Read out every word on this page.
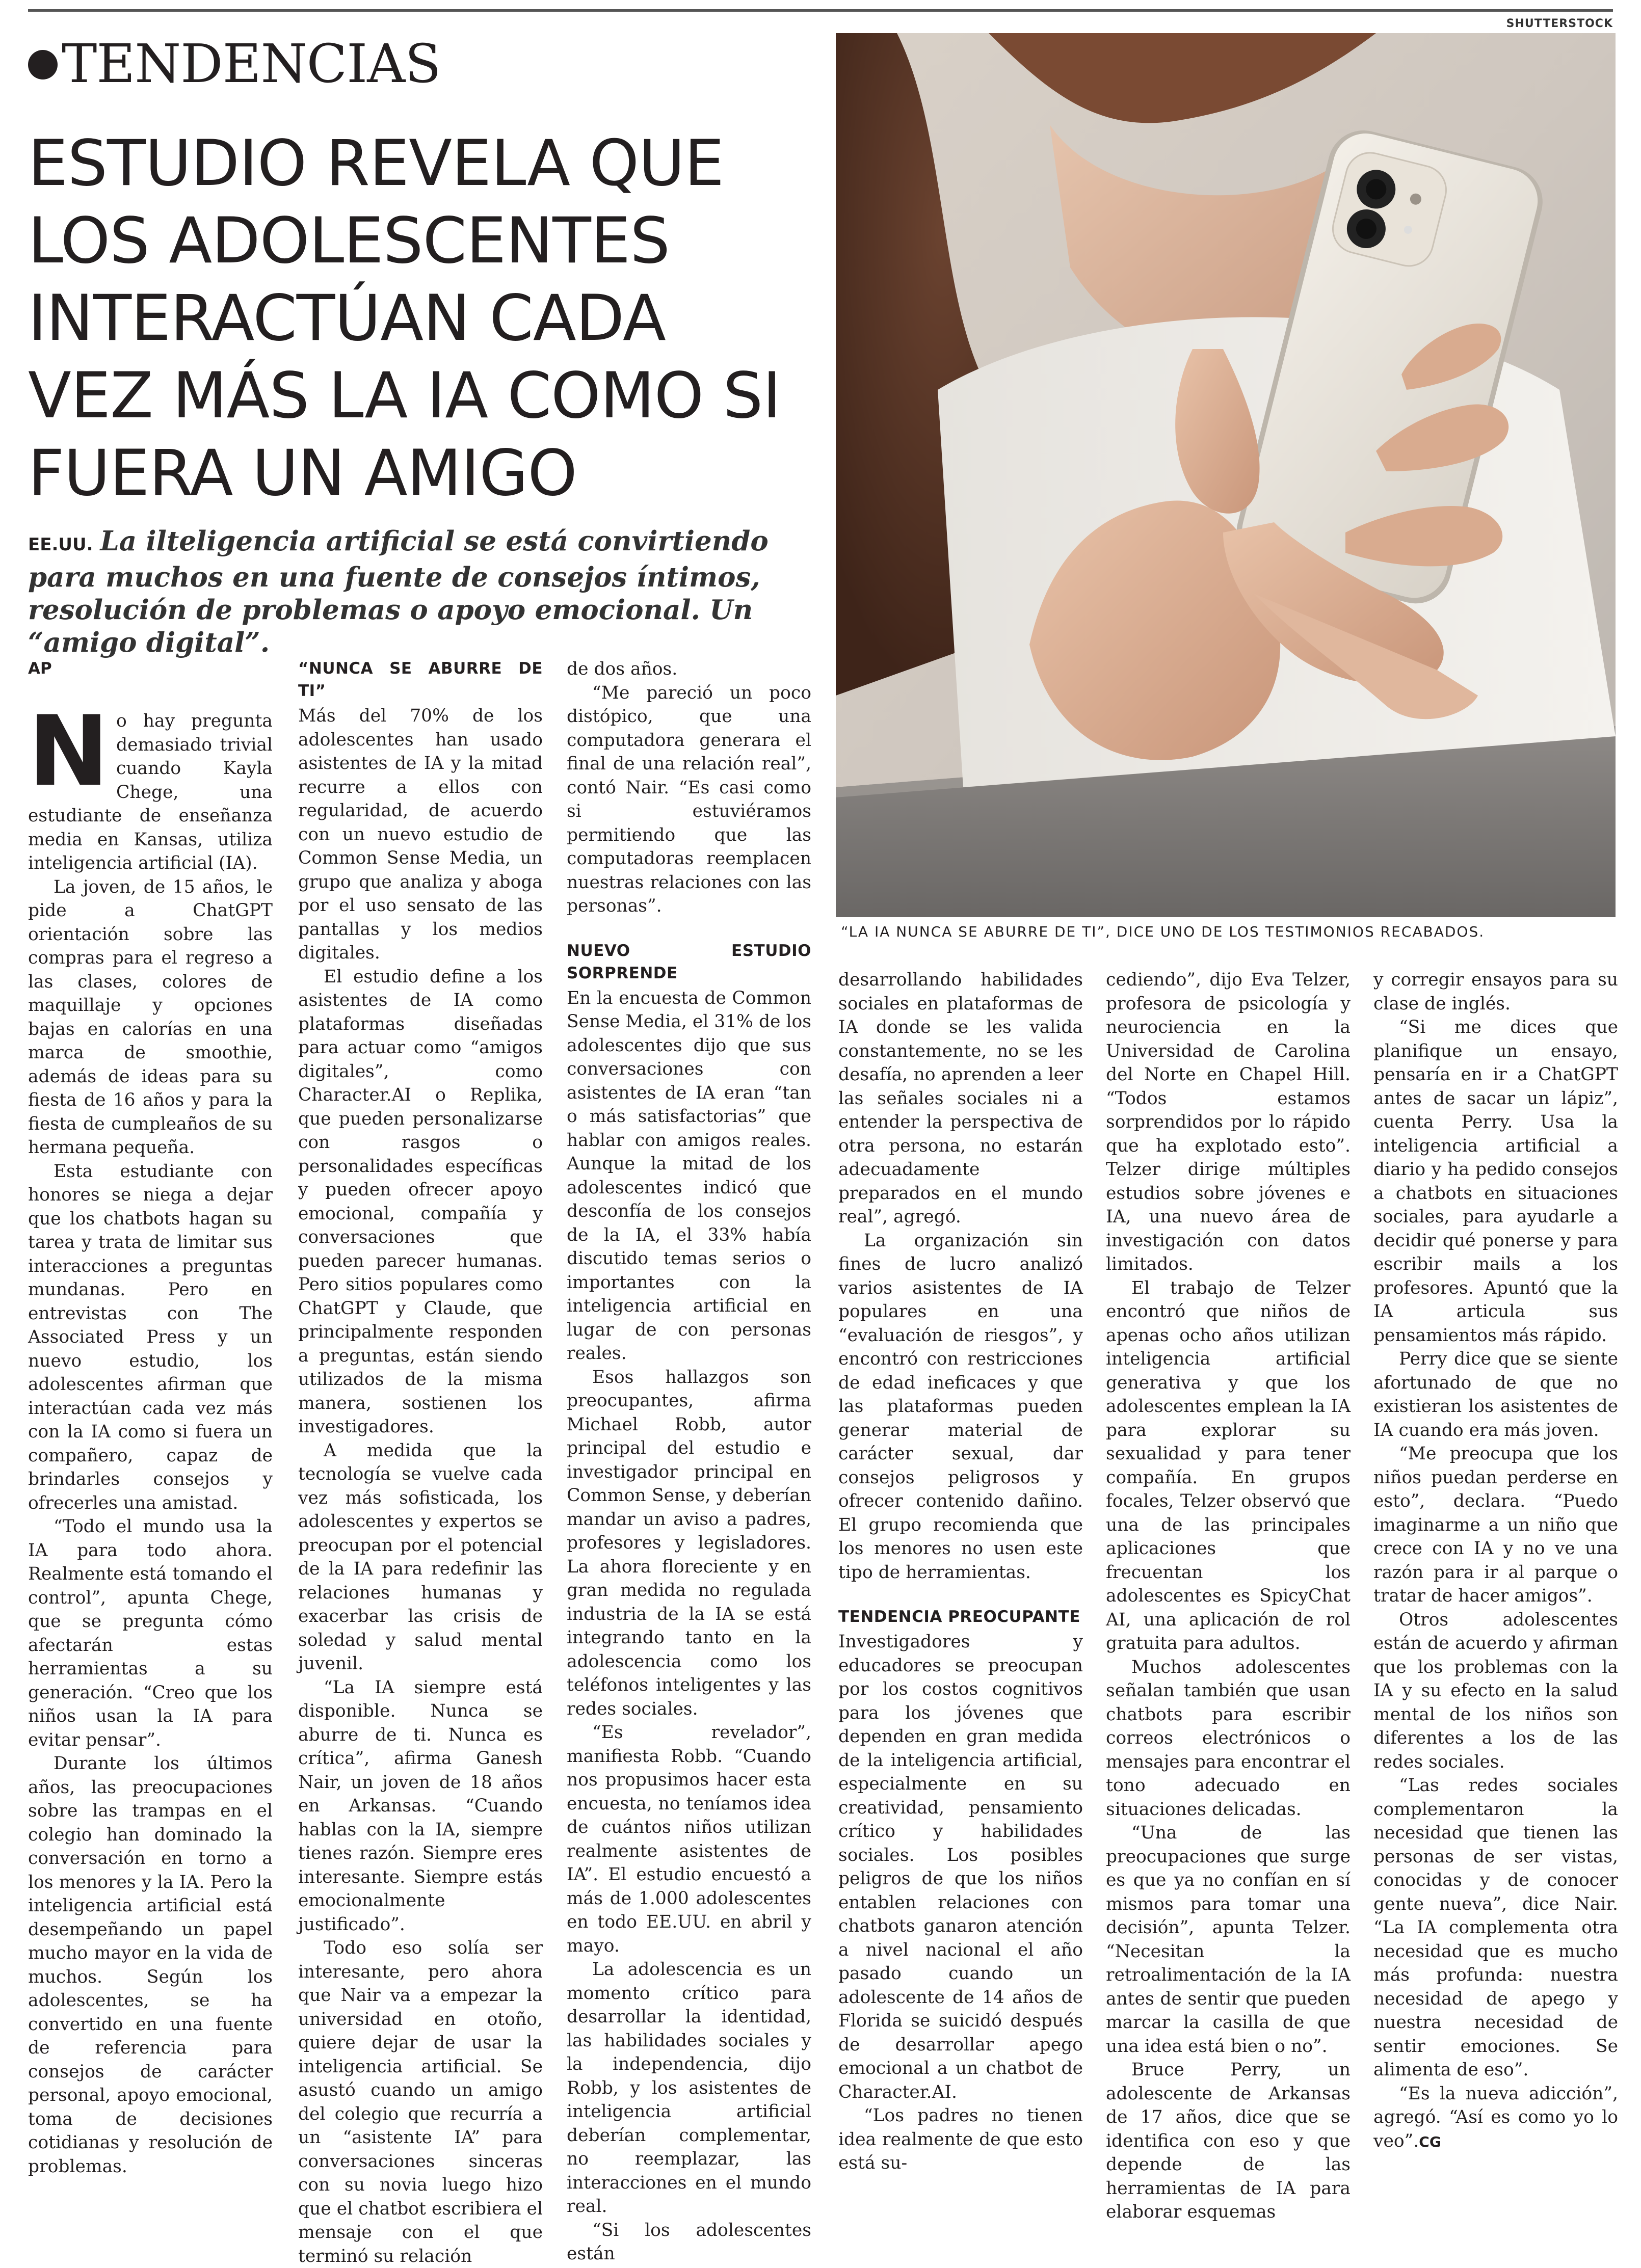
TENDENCIAS
ESTUDIO REVELA QUE
LOS ADOLESCENTES
INTERACTÚAN CADA
VEZ MÁS LA IA COMO SI
FUERA UN AMIGO

EE.UU. La ilteligencia artificial se está convirtiendo para muchos en una fuente de consejos íntimos, resolución de problemas o apoyo emocional. Un “amigo digital”.

SHUTTERSTOCK
“LA IA NUNCA SE ABURRE DE TI”, DICE UNO DE LOS TESTIMONIOS RECABADOS.
AP
N o hay pregunta demasiado trivial cuando Kayla Chege, una estudiante de enseñanza media en Kansas, utiliza inteligencia artificial (IA).

La joven, de 15 años, le pide a ChatGPT orientación sobre las compras para el regreso a las clases, colores de maquillaje y opciones bajas en calorías en una marca de smoothie, además de ideas para su fiesta de 16 años y para la fiesta de cumpleaños de su hermana pequeña.

Esta estudiante con honores se niega a dejar que los chatbots hagan su tarea y trata de limitar sus interacciones a preguntas mundanas. Pero en entrevistas con The Associated Press y un nuevo estudio, los adolescentes afirman que interactúan cada vez más con la IA como si fuera un compañero, capaz de brindarles consejos y ofrecerles una amistad.

“Todo el mundo usa la IA para todo ahora. Realmente está tomando el control”, apunta Chege, que se pregunta cómo afectarán estas herramientas a su generación. “Creo que los niños usan la IA para evitar pensar”.

Durante los últimos años, las preocupaciones sobre las trampas en el colegio han dominado la conversación en torno a los menores y la IA. Pero la inteligencia artificial está desempeñando un papel mucho mayor en la vida de muchos. Según los adolescentes, se ha convertido en una fuente de referencia para consejos de carácter personal, apoyo emocional, toma de decisiones cotidianas y resolución de problemas.

“NUNCA SE ABURRE DE TI”

Más del 70% de los adolescentes han usado asistentes de IA y la mitad recurre a ellos con regularidad, de acuerdo con un nuevo estudio de Common Sense Media, un grupo que analiza y aboga por el uso sensato de las pantallas y los medios digitales.

El estudio define a los asistentes de IA como plataformas diseñadas para actuar como “amigos digitales”, como Character.AI o Replika, que pueden personalizarse con rasgos o personalidades específicas y pueden ofrecer apoyo emocional, compañía y conversaciones que pueden parecer humanas. Pero sitios populares como ChatGPT y Claude, que principalmente responden a preguntas, están siendo utilizados de la misma manera, sostienen los investigadores.

A medida que la tecnología se vuelve cada vez más sofisticada, los adolescentes y expertos se preocupan por el potencial de la IA para redefinir las relaciones humanas y exacerbar las crisis de soledad y salud mental juvenil.

“La IA siempre está disponible. Nunca se aburre de ti. Nunca es crítica”, afirma Ganesh Nair, un joven de 18 años en Arkansas. “Cuando hablas con la IA, siempre tienes razón. Siempre eres interesante. Siempre estás emocionalmente justificado”.

Todo eso solía ser interesante, pero ahora que Nair va a empezar la universidad en otoño, quiere dejar de usar la inteligencia artificial. Se asustó cuando un amigo del colegio que recurría a un “asistente IA” para conversaciones sinceras con su novia luego hizo que el chatbot escribiera el mensaje con el que terminó su relación

de dos años.

“Me pareció un poco distópico, que una computadora generara el final de una relación real”, contó Nair. “Es casi como si estuviéramos permitiendo que las computadoras reemplacen nuestras relaciones con las personas”.

NUEVO ESTUDIO SORPRENDE

En la encuesta de Common Sense Media, el 31% de los adolescentes dijo que sus conversaciones con asistentes de IA eran “tan o más satisfactorias” que hablar con amigos reales. Aunque la mitad de los adolescentes indicó que desconfía de los consejos de la IA, el 33% había discutido temas serios o importantes con la inteligencia artificial en lugar de con personas reales.

Esos hallazgos son preocupantes, afirma Michael Robb, autor principal del estudio e investigador principal en Common Sense, y deberían mandar un aviso a padres, profesores y legisladores. La ahora floreciente y en gran medida no regulada industria de la IA se está integrando tanto en la adolescencia como los teléfonos inteligentes y las redes sociales.

“Es revelador”, manifiesta Robb. “Cuando nos propusimos hacer esta encuesta, no teníamos idea de cuántos niños utilizan realmente asistentes de IA”. El estudio encuestó a más de 1.000 adolescentes en todo EE.UU. en abril y mayo.

La adolescencia es un momento crítico para desarrollar la identidad, las habilidades sociales y la independencia, dijo Robb, y los asistentes de inteligencia artificial deberían complementar, no reemplazar, las interacciones en el mundo real.

“Si los adolescentes están

desarrollando habilidades sociales en plataformas de IA donde se les valida constantemente, no se les desafía, no aprenden a leer las señales sociales ni a entender la perspectiva de otra persona, no estarán adecuadamente preparados en el mundo real”, agregó.

La organización sin fines de lucro analizó varios asistentes de IA populares en una “evaluación de riesgos”, y encontró con restricciones de edad ineficaces y que las plataformas pueden generar material de carácter sexual, dar consejos peligrosos y ofrecer contenido dañino. El grupo recomienda que los menores no usen este tipo de herramientas.

TENDENCIA PREOCUPANTE

Investigadores y educadores se preocupan por los costos cognitivos para los jóvenes que dependen en gran medida de la inteligencia artificial, especialmente en su creatividad, pensamiento crítico y habilidades sociales. Los posibles peligros de que los niños entablen relaciones con chatbots ganaron atención a nivel nacional el año pasado cuando un adolescente de 14 años de Florida se suicidó después de desarrollar apego emocional a un chatbot de Character.AI.

“Los padres no tienen idea realmente de que esto está su-

cediendo”, dijo Eva Telzer, profesora de psicología y neurociencia en la Universidad de Carolina del Norte en Chapel Hill. “Todos estamos sorprendidos por lo rápido que ha explotado esto”. Telzer dirige múltiples estudios sobre jóvenes e IA, una nuevo área de investigación con datos limitados.

El trabajo de Telzer encontró que niños de apenas ocho años utilizan inteligencia artificial generativa y que los adolescentes emplean la IA para explorar su sexualidad y para tener compañía. En grupos focales, Telzer observó que una de las principales aplicaciones que frecuentan los adolescentes es SpicyChat AI, una aplicación de rol gratuita para adultos.

Muchos adolescentes señalan también que usan chatbots para escribir correos electrónicos o mensajes para encontrar el tono adecuado en situaciones delicadas.

“Una de las preocupaciones que surge es que ya no confían en sí mismos para tomar una decisión”, apunta Telzer. “Necesitan la retroalimentación de la IA antes de sentir que pueden marcar la casilla de que una idea está bien o no”.

Bruce Perry, un adolescente de Arkansas de 17 años, dice que se identifica con eso y que depende de las herramientas de IA para elaborar esquemas

y corregir ensayos para su clase de inglés.

“Si me dices que planifique un ensayo, pensaría en ir a ChatGPT antes de sacar un lápiz”, cuenta Perry. Usa la inteligencia artificial a diario y ha pedido consejos a chatbots en situaciones sociales, para ayudarle a decidir qué ponerse y para escribir mails a los profesores. Apuntó que la IA articula sus pensamientos más rápido.

Perry dice que se siente afortunado de que no existieran los asistentes de IA cuando era más joven.

“Me preocupa que los niños puedan perderse en esto”, declara. “Puedo imaginarme a un niño que crece con IA y no ve una razón para ir al parque o tratar de hacer amigos”.

Otros adolescentes están de acuerdo y afirman que los problemas con la IA y su efecto en la salud mental de los niños son diferentes a los de las redes sociales.

“Las redes sociales complementaron la necesidad que tienen las personas de ser vistas, conocidas y de conocer gente nueva”, dice Nair. “La IA complementa otra necesidad que es mucho más profunda: nuestra necesidad de apego y nuestra necesidad de sentir emociones. Se alimenta de eso”.

“Es la nueva adicción”, agregó. “Así es como yo lo veo”.CG
